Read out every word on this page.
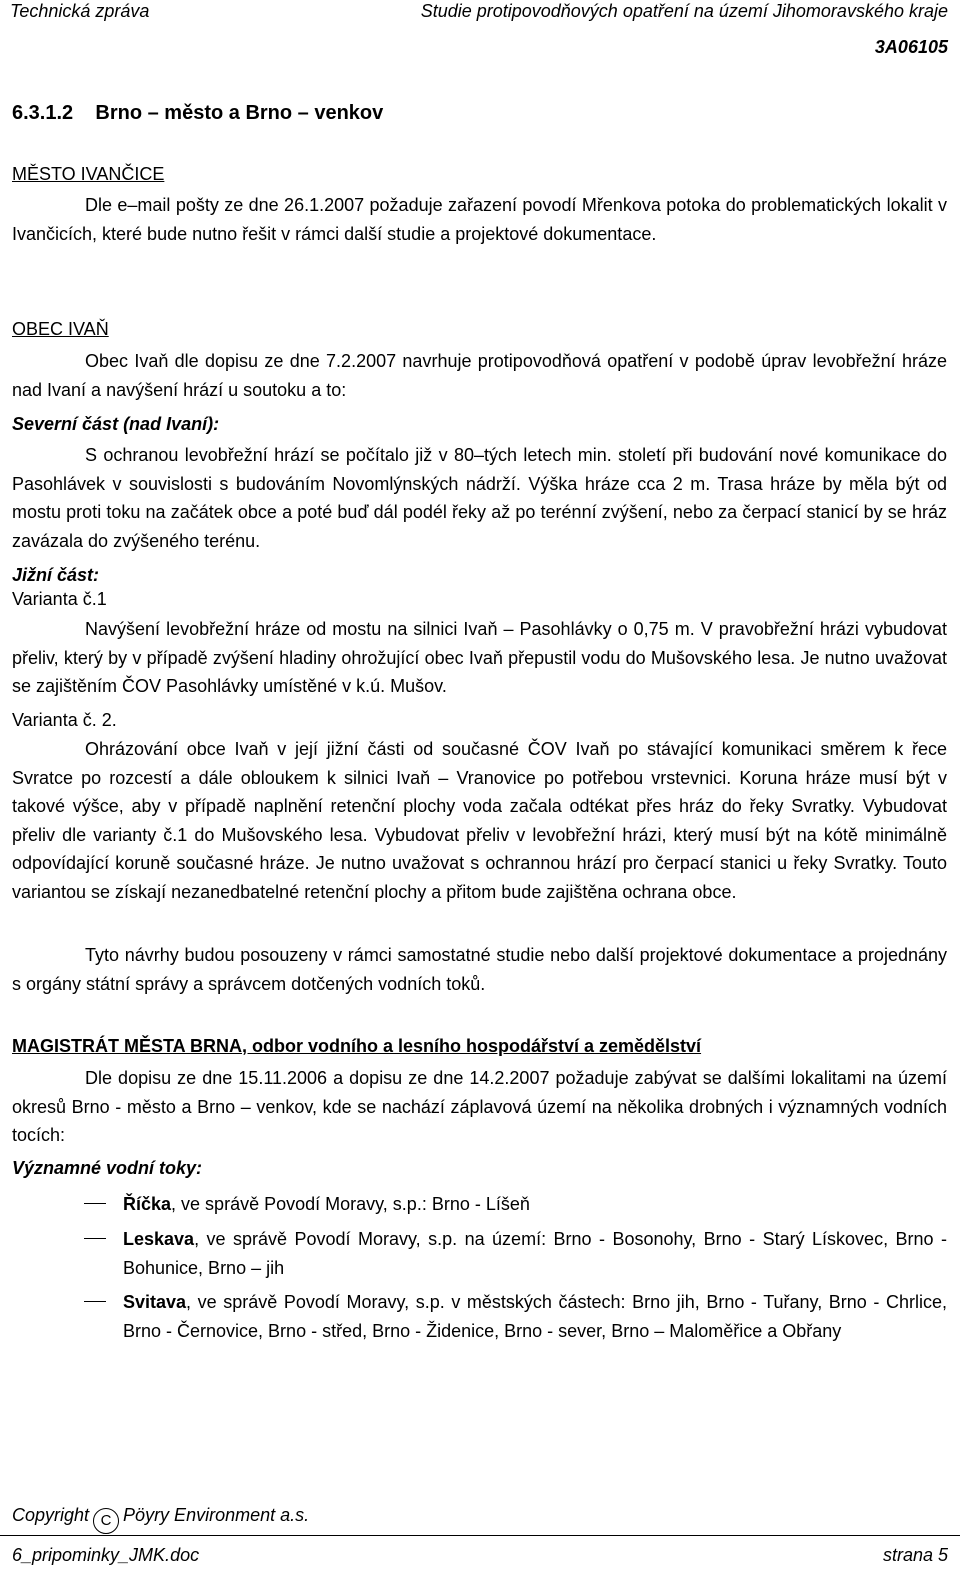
Technická zpráva	Studie protipovodňových opatření na území Jihomoravského kraje
3A06105
6.3.1.2 Brno – město a Brno – venkov
MĚSTO IVANČICE
Dle e–mail pošty ze dne 26.1.2007 požaduje zařazení povodí Mřenkova potoka do problematických lokalit v Ivančicích, které bude nutno řešit v rámci další studie a projektové dokumentace.
OBEC IVAŇ
Obec Ivaň dle dopisu ze dne 7.2.2007 navrhuje protipovodňová opatření v podobě úprav levobřežní hráze nad Ivaní a navýšení hrází u soutoku a to:
Severní část (nad Ivaní):
S ochranou levobřežní hrází se počítalo již v 80–tých letech min. století při budování nové komunikace do Pasohlávek v souvislosti s budováním Novomlýnských nádrží. Výška hráze cca 2 m. Trasa hráze by měla být od mostu proti toku na začátek obce a poté buď dál podél řeky až po terénní zvýšení, nebo za čerpací stanicí by se hráz zavázala do zvýšeného terénu.
Jižní část:
Varianta č.1
Navýšení levobřežní hráze od mostu na silnici Ivaň – Pasohlávky o 0,75 m. V pravobřežní hrázi vybudovat přeliv, který by v případě zvýšení hladiny ohrožující obec Ivaň přepustil vodu do Mušovského lesa. Je nutno uvažovat se zajištěním ČOV Pasohlávky umístěné v k.ú. Mušov.
Varianta č. 2.
Ohrázování obce Ivaň v její jižní části od současné ČOV Ivaň po stávající komunikaci směrem k řece Svratce po rozcestí a dále obloukem k silnici Ivaň – Vranovice po potřebou vrstevnici. Koruna hráze musí být v takové výšce, aby v případě naplnění retenční plochy voda začala odtékat přes hráz do řeky Svratky. Vybudovat přeliv dle varianty č.1 do Mušovského lesa. Vybudovat přeliv v levobřežní hrázi, který musí být na kótě minimálně odpovídající koruně současné hráze. Je nutno uvažovat s ochrannou hrází pro čerpací stanici u řeky Svratky. Touto variantou se získají nezanedbatelné retenční plochy a přitom bude zajištěna ochrana obce.
Tyto návrhy budou posouzeny v rámci samostatné studie nebo další projektové dokumentace a projednány s orgány státní správy a správcem dotčených vodních toků.
MAGISTRÁT MĚSTA BRNA, odbor vodního a lesního hospodářství a zemědělství
Dle dopisu ze dne 15.11.2006 a dopisu ze dne 14.2.2007 požaduje zabývat se dalšími lokalitami na území okresů Brno - město a Brno – venkov, kde se nachází záplavová území na několika drobných i významných vodních tocích:
Významné vodní toky:
Říčka, ve správě Povodí Moravy, s.p.: Brno - Líšeň
Leskava, ve správě Povodí Moravy, s.p. na území: Brno - Bosonohy, Brno - Starý Lískovec, Brno - Bohunice, Brno – jih
Svitava, ve správě Povodí Moravy, s.p. v městských částech: Brno jih, Brno - Tuřany, Brno - Chrlice, Brno - Černovice, Brno - střed, Brno - Židenice, Brno - sever, Brno – Maloměřice a Obřany
Copyright C Pöyry Environment a.s.
6_pripominky_JMK.doc	strana 5
